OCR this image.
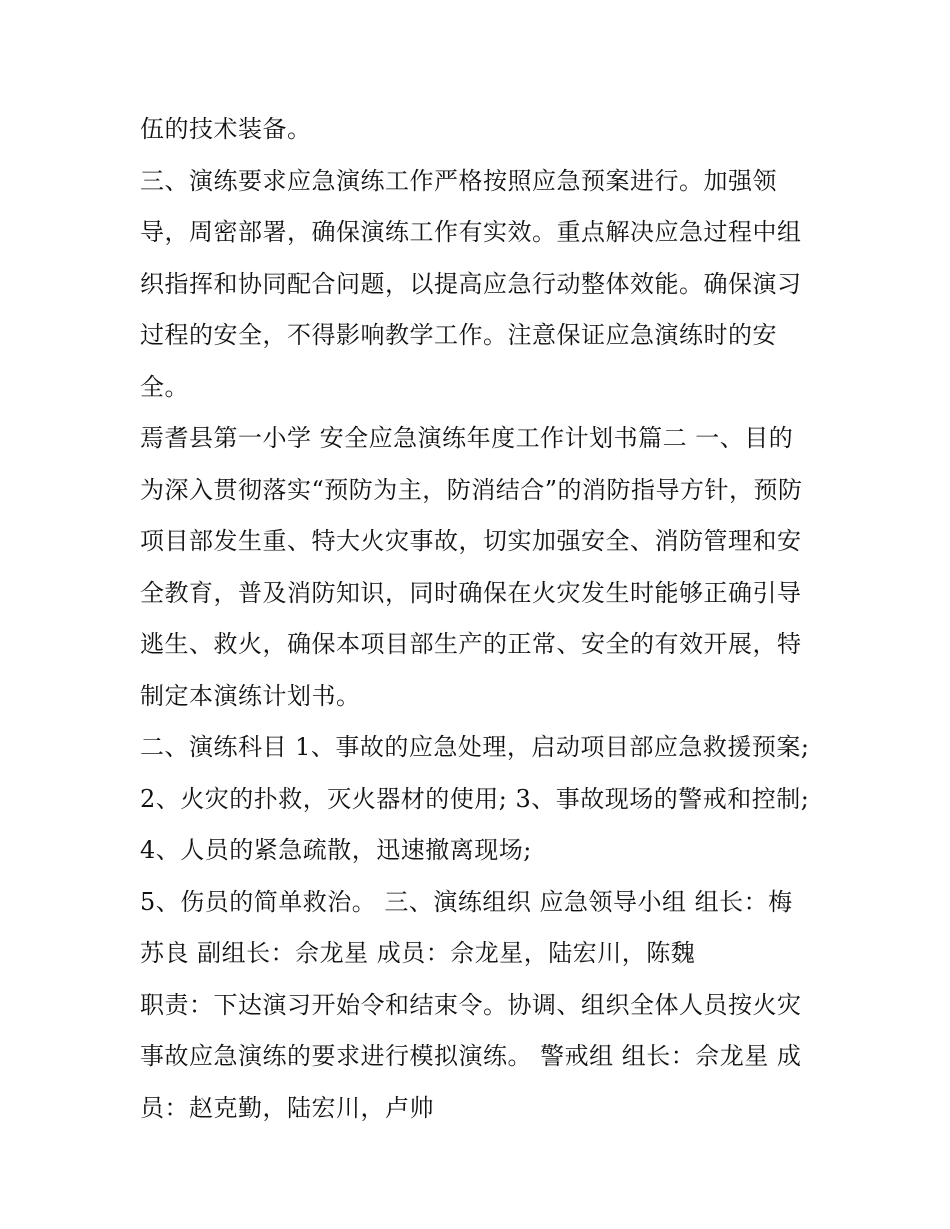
伍的技术装备。
三、演练要求应急演练工作严格按照应急预案进行。加强领
导，周密部署，确保演练工作有实效。重点解决应急过程中组
织指挥和协同配合问题，以提高应急行动整体效能。确保演习
过程的安全，不得影响教学工作。注意保证应急演练时的安
全。
焉耆县第一小学 安全应急演练年度工作计划书篇二 一、目的
为深入贯彻落实“预防为主，防消结合”的消防指导方针，预防
项目部发生重、特大火灾事故，切实加强安全、消防管理和安
全教育，普及消防知识，同时确保在火灾发生时能够正确引导
逃生、救火，确保本项目部生产的正常、安全的有效开展，特
制定本演练计划书。
二、演练科目 1、事故的应急处理，启动项目部应急救援预案;
2、火灾的扑救，灭火器材的使用; 3、事故现场的警戒和控制;
4、人员的紧急疏散，迅速撤离现场;
5、伤员的简单救治。 三、演练组织 应急领导小组 组长：梅
苏良 副组长：佘龙星 成员：佘龙星，陆宏川，陈魏
职责：下达演习开始令和结束令。协调、组织全体人员按火灾
事故应急演练的要求进行模拟演练。 警戒组 组长：佘龙星 成
员：赵克勤，陆宏川，卢帅
